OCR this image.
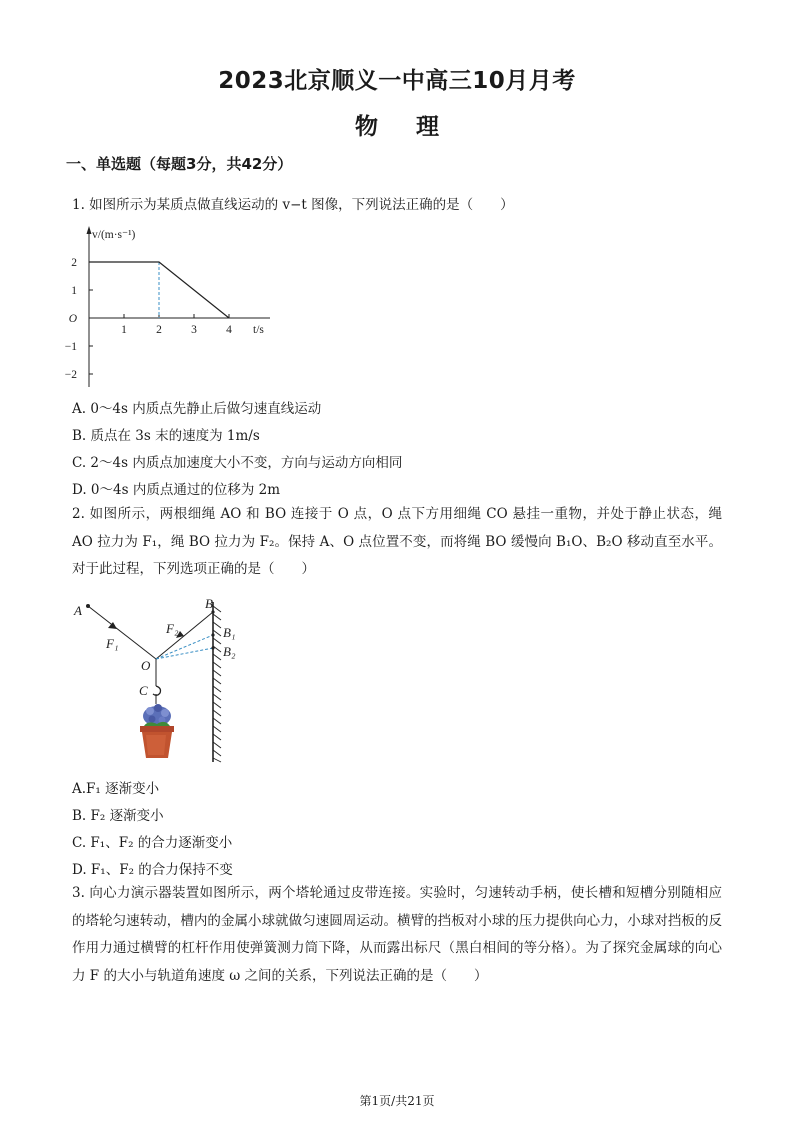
2023北京顺义一中高三10月月考
物 理
一、单选题（每题3分，共42分）
1. 如图所示为某质点做直线运动的 v−t 图像，下列说法正确的是（　　）
2
1
−1
−2
1	2	3	4
O
v/(m·s⁻¹)
t/s
A. 0～4s 内质点先静止后做匀速直线运动
B. 质点在 3s 末的速度为 1m/s
C. 2～4s 内质点加速度大小不变，方向与运动方向相同
D. 0～4s 内质点通过的位移为 2m
2. 如图所示，两根细绳 AO 和 BO 连接于 O 点，O 点下方用细绳 CO 悬挂一重物，并处于静止状态，绳 AO 拉力为 F₁，绳 BO 拉力为 F₂。保持 A、O 点位置不变，而将绳 BO 缓慢向 B₁O、B₂O 移动直至水平。对于此过程，下列选项正确的是（　　）
A	B
B₁
B₂
O
C
F₁
F₂
A.F₁ 逐渐变小
B. F₂ 逐渐变小
C. F₁、F₂ 的合力逐渐变小
D. F₁、F₂ 的合力保持不变
3. 向心力演示器装置如图所示，两个塔轮通过皮带连接。实验时，匀速转动手柄，使长槽和短槽分别随相应的塔轮匀速转动，槽内的金属小球就做匀速圆周运动。横臂的挡板对小球的压力提供向心力，小球对挡板的反作用力通过横臂的杠杆作用使弹簧测力筒下降，从而露出标尺（黑白相间的等分格）。为了探究金属球的向心力 F 的大小与轨道角速度 ω 之间的关系，下列说法正确的是（　　）
第1页/共21页
